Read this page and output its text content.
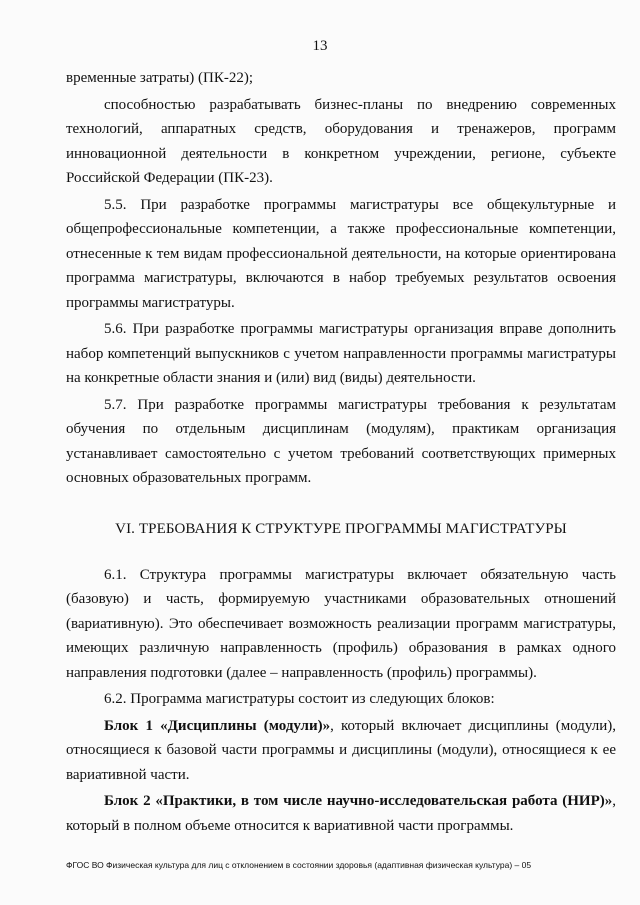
13

временные затраты) (ПК-22);

способностью разрабатывать бизнес-планы по внедрению современных технологий, аппаратных средств, оборудования и тренажеров, программ инновационной деятельности в конкретном учреждении, регионе, субъекте Российской Федерации (ПК-23).

5.5. При разработке программы магистратуры все общекультурные и общепрофессиональные компетенции, а также профессиональные компетенции, отнесенные к тем видам профессиональной деятельности, на которые ориентирована программа магистратуры, включаются в набор требуемых результатов освоения программы магистратуры.

5.6. При разработке программы магистратуры организация вправе дополнить набор компетенций выпускников с учетом направленности программы магистратуры на конкретные области знания и (или) вид (виды) деятельности.

5.7. При разработке программы магистратуры требования к результатам обучения по отдельным дисциплинам (модулям), практикам организация устанавливает самостоятельно с учетом требований соответствующих примерных основных образовательных программ.

VI. ТРЕБОВАНИЯ К СТРУКТУРЕ ПРОГРАММЫ МАГИСТРАТУРЫ

6.1. Структура программы магистратуры включает обязательную часть (базовую) и часть, формируемую участниками образовательных отношений (вариативную). Это обеспечивает возможность реализации программ магистратуры, имеющих различную направленность (профиль) образования в рамках одного направления подготовки (далее – направленность (профиль) программы).

6.2. Программа магистратуры состоит из следующих блоков:

Блок 1 «Дисциплины (модули)», который включает дисциплины (модули), относящиеся к базовой части программы и дисциплины (модули), относящиеся к ее вариативной части.

Блок 2 «Практики, в том числе научно-исследовательская работа (НИР)», который в полном объеме относится к вариативной части программы.

ФГОС ВО Физическая культура для лиц с отклонением в состоянии здоровья (адаптивная физическая культура) – 05
